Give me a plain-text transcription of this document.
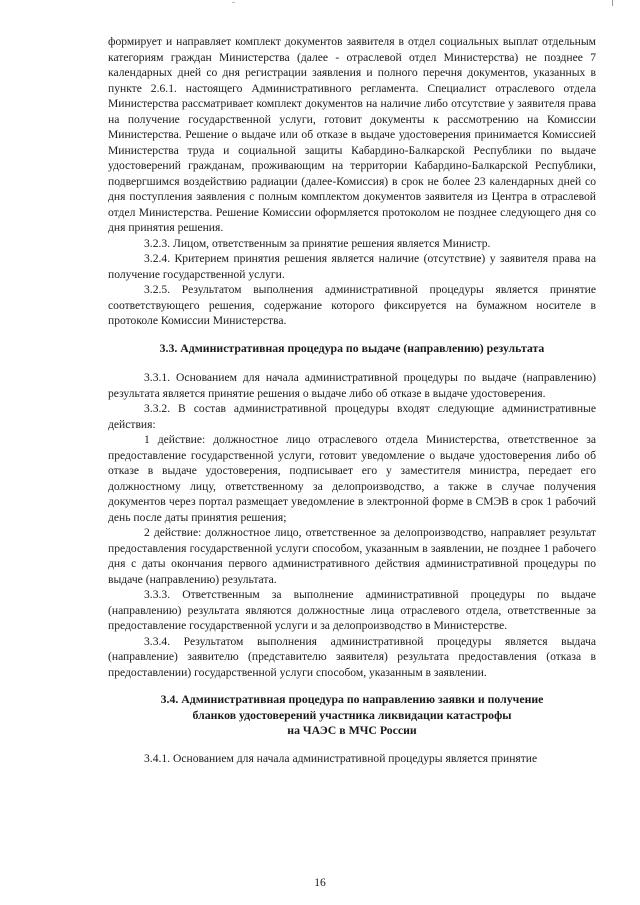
формирует и направляет комплект документов заявителя в отдел социальных выплат отдельным категориям граждан Министерства (далее - отраслевой отдел Министерства) не позднее 7 календарных дней со дня регистрации заявления и полного перечня документов, указанных в пункте 2.6.1. настоящего Административного регламента. Специалист отраслевого отдела Министерства рассматривает комплект документов на наличие либо отсутствие у заявителя права на получение государственной услуги, готовит документы к рассмотрению на Комиссии Министерства. Решение о выдаче или об отказе в выдаче удостоверения принимается Комиссией Министерства труда и социальной защиты Кабардино-Балкарской Республики по выдаче удостоверений гражданам, проживающим на территории Кабардино-Балкарской Республики, подвергшимся воздействию радиации (далее-Комиссия) в срок не более 23 календарных дней со дня поступления заявления с полным комплектом документов заявителя из Центра в отраслевой отдел Министерства. Решение Комиссии оформляется протоколом не позднее следующего дня со дня принятия решения.

3.2.3. Лицом, ответственным за принятие решения является Министр.

3.2.4. Критерием принятия решения является наличие (отсутствие) у заявителя права на получение государственной услуги.

3.2.5. Результатом выполнения административной процедуры является принятие соответствующего решения, содержание которого фиксируется на бумажном носителе в протоколе Комиссии Министерства.

3.3. Административная процедура по выдаче (направлению) результата

3.3.1. Основанием для начала административной процедуры по выдаче (направлению) результата является принятие решения о выдаче либо об отказе в выдаче удостоверения.

3.3.2. В состав административной процедуры входят следующие административные действия:

1 действие: должностное лицо отраслевого отдела Министерства, ответственное за предоставление государственной услуги, готовит уведомление о выдаче удостоверения либо об отказе в выдаче удостоверения, подписывает его у заместителя министра, передает его должностному лицу, ответственному за делопроизводство, а также в случае получения документов через портал размещает уведомление в электронной форме в СМЭВ в срок 1 рабочий день после даты принятия решения;

2 действие: должностное лицо, ответственное за делопроизводство, направляет результат предоставления государственной услуги способом, указанным в заявлении, не позднее 1 рабочего дня с даты окончания первого административного действия административной процедуры по выдаче (направлению) результата.

3.3.3. Ответственным за выполнение административной процедуры по выдаче (направлению) результата являются должностные лица отраслевого отдела, ответственные за предоставление государственной услуги и за делопроизводство в Министерстве.

3.3.4. Результатом выполнения административной процедуры является выдача (направление) заявителю (представителю заявителя) результата предоставления (отказа в предоставлении) государственной услуги способом, указанным в заявлении.

3.4. Административная процедура по направлению заявки и получение
бланков удостоверений участника ликвидации катастрофы
на ЧАЭС в МЧС России

3.4.1. Основанием для начала административной процедуры является принятие

16
